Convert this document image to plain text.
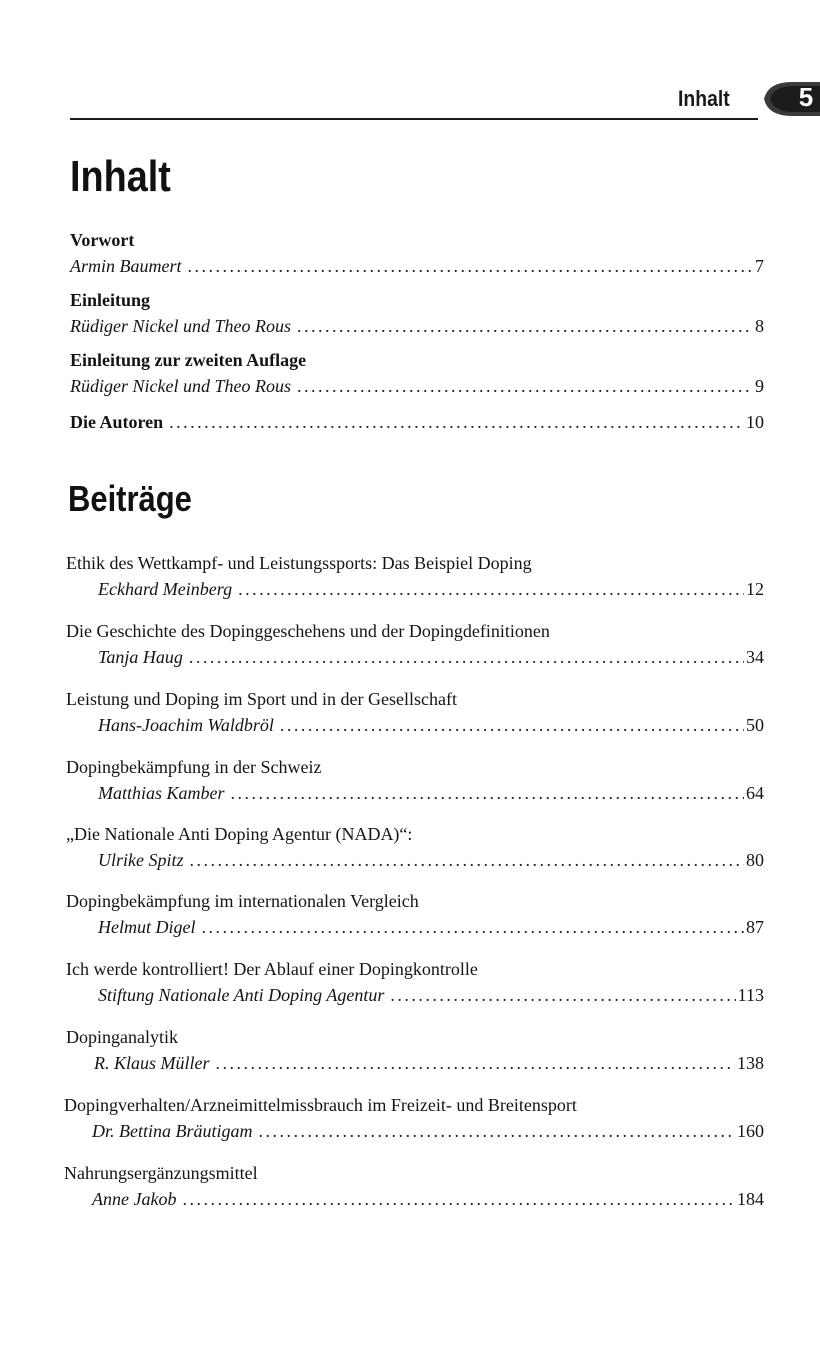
Inhalt	5
Inhalt
Vorwort
Armin Baumert . . .	7
Einleitung
Rüdiger Nickel und Theo Rous . . .	8
Einleitung zur zweiten Auflage
Rüdiger Nickel und Theo Rous . . .	9
Die Autoren . . .	10
Beiträge
Ethik des Wettkampf- und Leistungssports: Das Beispiel Doping
Eckhard Meinberg . . .	12
Die Geschichte des Dopinggeschehens und der Dopingdefinitionen
Tanja Haug . . .	34
Leistung und Doping im Sport und in der Gesellschaft
Hans-Joachim Waldbröl . . .	50
Dopingbekämpfung in der Schweiz
Matthias Kamber . . .	64
„Die Nationale Anti Doping Agentur (NADA)“:
Ulrike Spitz . . .	80
Dopingbekämpfung im internationalen Vergleich
Helmut Digel . . .	87
Ich werde kontrolliert! Der Ablauf einer Dopingkontrolle
Stiftung Nationale Anti Doping Agentur . . .	113
Dopinganalytik
R. Klaus Müller . . .	138
Dopingverhalten/Arzneimittelmissbrauch im Freizeit- und Breitensport
Dr. Bettina Bräutigam . . .	160
Nahrungsergänzungsmittel
Anne Jakob . . .	184
